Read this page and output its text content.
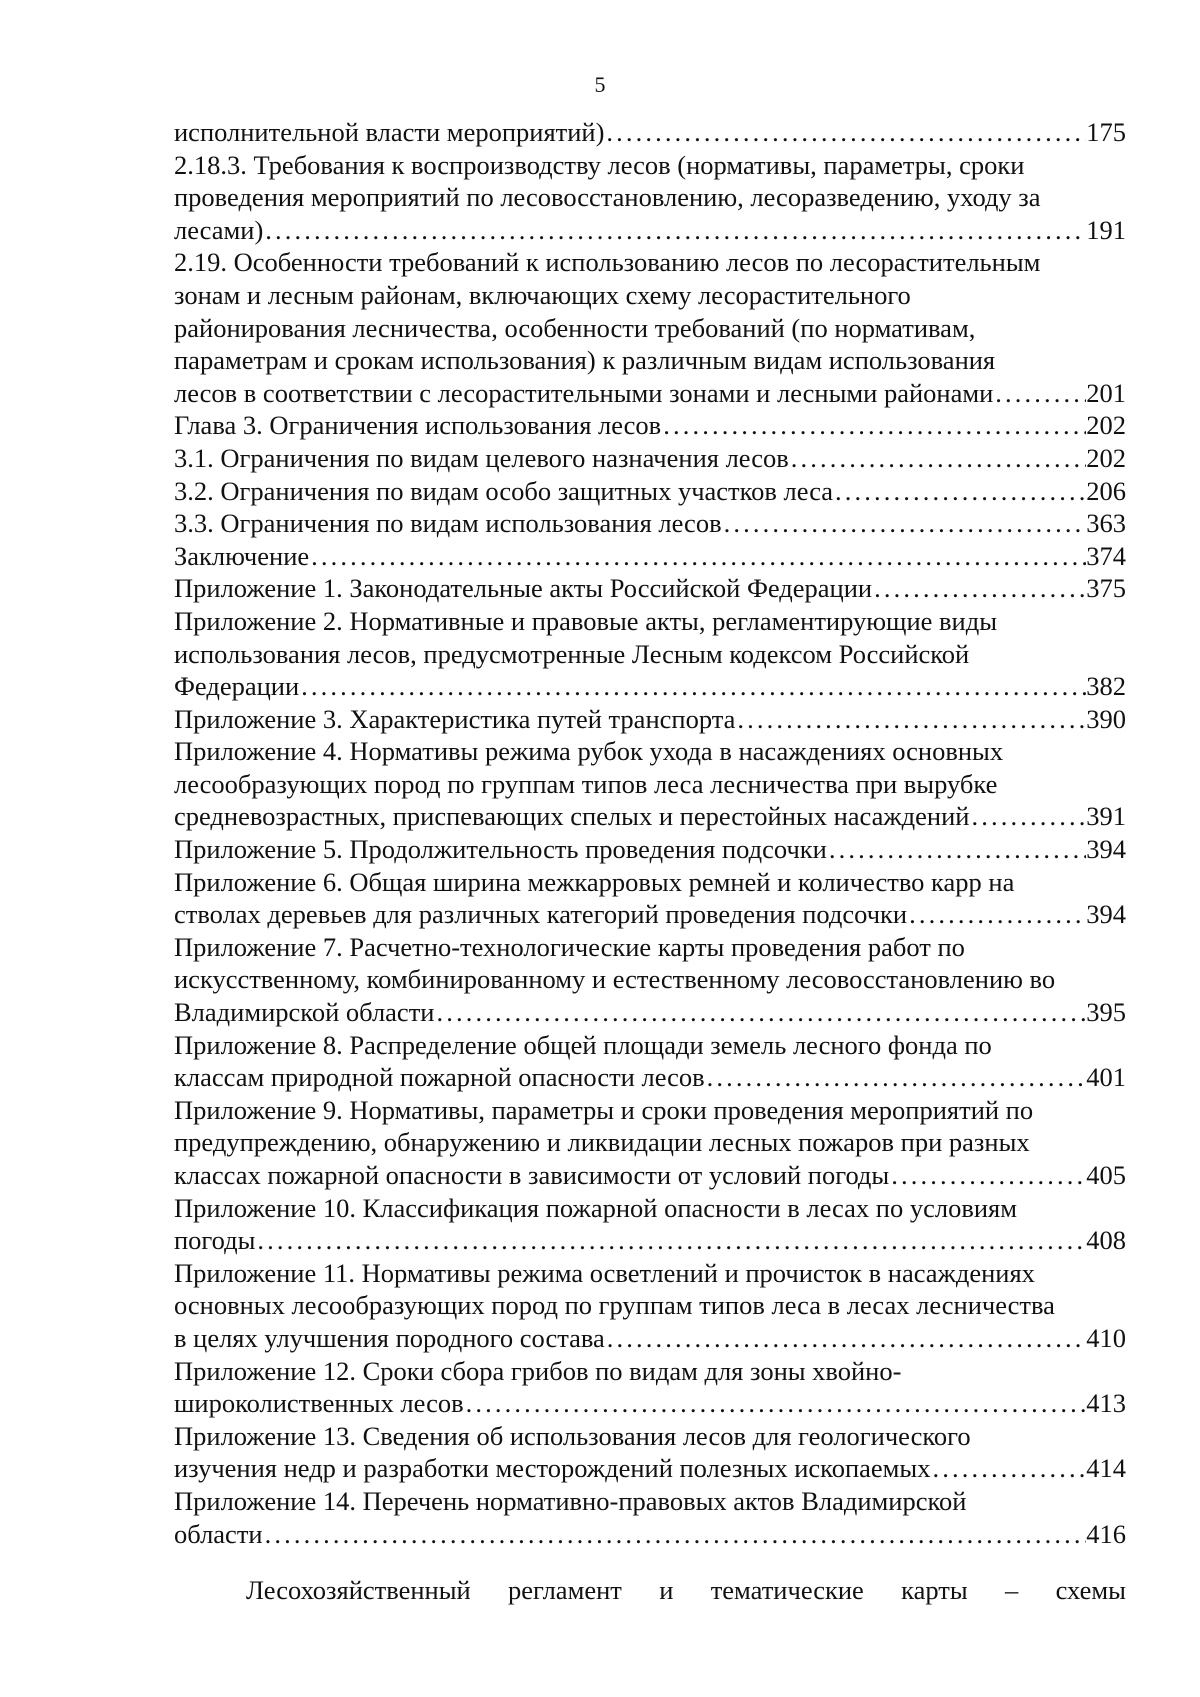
5
исполнительной власти мероприятий) . . .	175
2.18.3. Требования к воспроизводству лесов (нормативы, параметры, сроки
проведения мероприятий по лесовосстановлению, лесоразведению, уходу за
лесами) . . .	191
2.19. Особенности требований к использованию лесов по лесорастительным
зонам и лесным районам, включающих схему лесорастительного
районирования лесничества, особенности требований (по нормативам,
параметрам и срокам использования) к различным видам использования
лесов в соответствии с лесорастительными зонами и лесными районами . . .	201
Глава 3. Ограничения использования лесов . . .	202
3.1. Ограничения по видам целевого назначения лесов . . .	202
3.2. Ограничения по видам особо защитных участков леса . . .	206
3.3. Ограничения по видам использования лесов . . .	363
Заключение . . .	374
Приложение 1. Законодательные акты Российской Федерации . . .	375
Приложение 2. Нормативные и правовые акты, регламентирующие виды
использования лесов, предусмотренные Лесным кодексом Российской
Федерации . . .	382
Приложение 3. Характеристика путей транспорта . . .	390
Приложение 4. Нормативы режима рубок ухода в насаждениях основных
лесообразующих пород по группам типов леса лесничества при вырубке
средневозрастных, приспевающих спелых и перестойных насаждений . . .	391
Приложение 5. Продолжительность проведения подсочки . . .	394
Приложение 6. Общая ширина межкарровых ремней и количество карр на
стволах деревьев для различных категорий проведения подсочки . . .	394
Приложение 7. Расчетно-технологические карты проведения работ по
искусственному, комбинированному и естественному лесовосстановлению во
Владимирской области . . .	395
Приложение 8. Распределение общей площади земель лесного фонда по
классам природной пожарной опасности лесов . . .	401
Приложение 9. Нормативы, параметры и сроки проведения мероприятий по
предупреждению, обнаружению и ликвидации лесных пожаров при разных
классах пожарной опасности в зависимости от условий погоды . . .	405
Приложение 10. Классификация пожарной опасности в лесах по условиям
погоды . . .	408
Приложение 11. Нормативы режима осветлений и прочисток в насаждениях
основных лесообразующих пород по группам типов леса в лесах лесничества
в целях улучшения породного состава . . .	410
Приложение 12. Сроки сбора грибов по видам для зоны хвойно-
широколиственных лесов . . .	413
Приложение 13. Сведения об использования лесов для геологического
изучения недр и разработки месторождений полезных ископаемых . . .	414
Приложение 14. Перечень нормативно-правовых актов Владимирской
области . . .	416
Лесохозяйственный регламент и тематические карты – схемы
